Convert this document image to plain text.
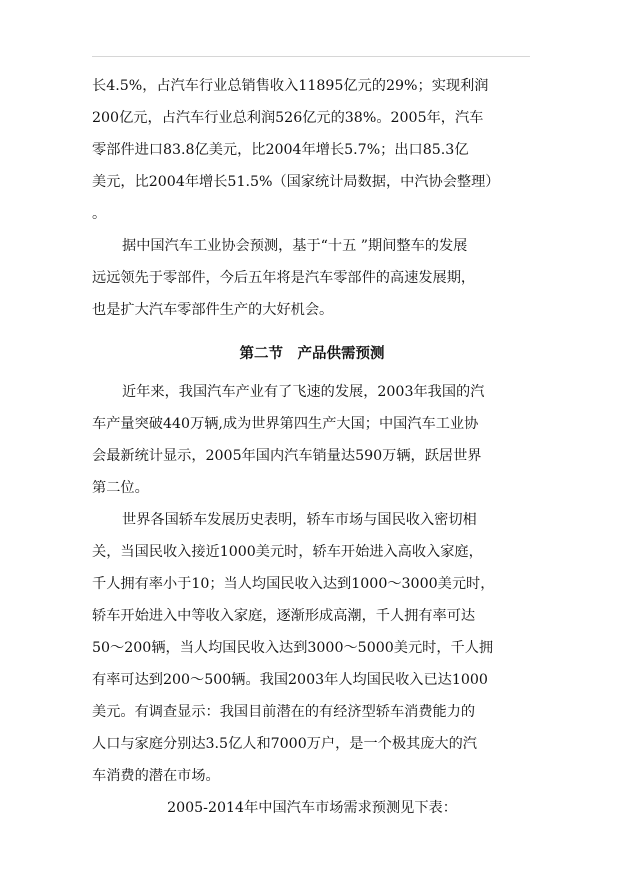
长4.5%，占汽车行业总销售收入11895亿元的29%；实现利润
200亿元，占汽车行业总利润526亿元的38%。2005年，汽车
零部件进口83.8亿美元，比2004年增长5.7%；出口85.3亿
美元，比2004年增长51.5%（国家统计局数据，中汽协会整理）
。
据中国汽车工业协会预测，基于“十五 ”期间整车的发展
远远领先于零部件，今后五年将是汽车零部件的高速发展期，
也是扩大汽车零部件生产的大好机会。
第二节　产品供需预测
近年来，我国汽车产业有了飞速的发展，2003年我国的汽
车产量突破440万辆,成为世界第四生产大国；中国汽车工业协
会最新统计显示，2005年国内汽车销量达590万辆，跃居世界
第二位。
世界各国轿车发展历史表明，轿车市场与国民收入密切相
关，当国民收入接近1000美元时，轿车开始进入高收入家庭，
千人拥有率小于10；当人均国民收入达到1000～3000美元时，
轿车开始进入中等收入家庭，逐渐形成高潮，千人拥有率可达
50～200辆，当人均国民收入达到3000～5000美元时，千人拥
有率可达到200～500辆。我国2003年人均国民收入已达1000
美元。有调查显示：我国目前潜在的有经济型轿车消费能力的
人口与家庭分别达3.5亿人和7000万户，是一个极其庞大的汽
车消费的潜在市场。
2005-2014年中国汽车市场需求预测见下表：
